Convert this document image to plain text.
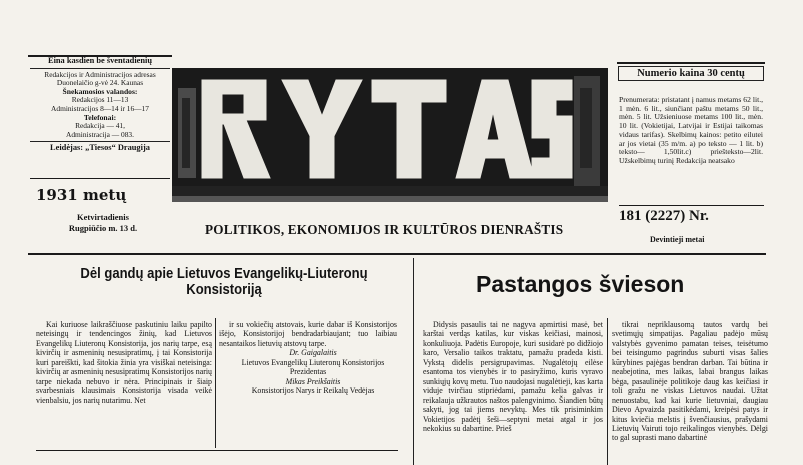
Eina kasdien be šventadienių
Redakcijos ir Administracijos adresas
Duonelaičio g-vė 24. Kaunas
Šnekamosios valandos:
Redakcijos 11—13
Administracijos 8—14 ir 16—17
Telefonai:
Redakcija — 41,
Administracija — 083.
Leidėjas: „Tiesos“ Draugija
1931 metų
Ketvirtadienis
Rugpiūčio m. 13 d.	POLITIKOS, EKONOMIJOS IR KULTŪROS DIENRAŠTIS
Numerio kaina 30 centų
Prenumerata: pristatant į namus metams 62 lit., 1 mėn. 6 lit., siunčiant paštu metams 50 lit., mėn. 5 lit. Užsieniuose metams 100 lit., mėn. 10 lit. (Vokietijai, Latvijai ir Estijai taikomas vidaus tarifas). Skelbimų kainos: petito eilutei ar jos vietai (35 m/m. a) po teksto — 1 lit. b) teksto— 1,50lit.c) priešteksto—2lit. Užskelbimų turinį Redakcija neatsako
181 (2227) Nr.
Devintieji metai
Dėl gandų apie Lietuvos Evangelikų-Liuteronų Konsistoriją

Kai kuriuose laikraščiuose paskutiniu laiku papilto neteisingų ir tendencingos žinių, kad Lietuvos Evangelikų Liuteronų Konsistorija, jos narių tarpe, esą kivirčių ir asmeninių nesusipratimų, į tai Konsistorija kuri pareiškti, kad šitokia žinia yra visiškai neteisinga: kivirčių ar asmeninių nesusipratimų Konsistorijos narių tarpe niekada nebuvo ir nėra. Principinais ir šiaip svarbesniais klausimais Konsistorija visada veikė vienbalsiu, jos narių nutarimu. Net

ir su vokiečių atstovais, kurie dabar iš Konsistorijos išėjo, Konsistorijoj bendradarbiaujant; tuo laibiau nesantaikos lietuvių atstovų tarpe.

Dr. Gaigalaitis

Lietuvos Evangelikų Liuteronų Konsistorijos Prezidentas

Mikas Preikšaitis

Konsistorijos Narys ir Reikalų Vedėjas

Pastangos švieson

Didysis pasaulis tai ne nagyva apmirtisi masė, bet karštai verdąs katilas, kur viskas keičiasi, mainosi, konkuliuoja. Padėtis Europoje, kuri susidarė po didžiojo karo, Versalio taikos traktatu, pamažu pradeda kisti. Vykstą didelis persigrupavimas. Nugalėtojų eilėse esantoma tos vienybės ir to pasiryžimo, kuris vyravo sunkiųjų kovų metu. Tuo naudojasi nugalėtieji, kas karta viduje tvirčiau stipriėdami, pamažu kelia galvas ir reikalauja užkrautos naštos palengvinimo. Šiandien būtų sakyti, jog tai jiems nevyktų. Mes tik prisiminkim Vokietijos padėtį šeši—septyni metai atgal ir jos nekokius su dabartine. Prieš

tikrai nepriklausomą tautos vardų bei svetimųjų simpatijas. Pagaliau padėjo mūsų valstybės gyvenimo pamatan teises, teisėtumo bei teisingumo pagrindus suburti visas šalies kūrybines pajėgas bendran darban. Tai būtina ir neabejotina, mes laikas, labai brangus laikas bėga, pasaulinėje politikoje daug kas keičiasi ir toli gražu ne viskas Lietuvos naudai. Užtat nenuostabu, kad kai kurie lietuvniai, daugiau Dievo Apvaizda pasitikėdami, kreipėsi patys ir kitus kviečia melstis į švenčiausius, prašydami Lietuvių Vairuti tojo reikalingos vienybės. Dėlgi to gal suprasti mano dabartinė
